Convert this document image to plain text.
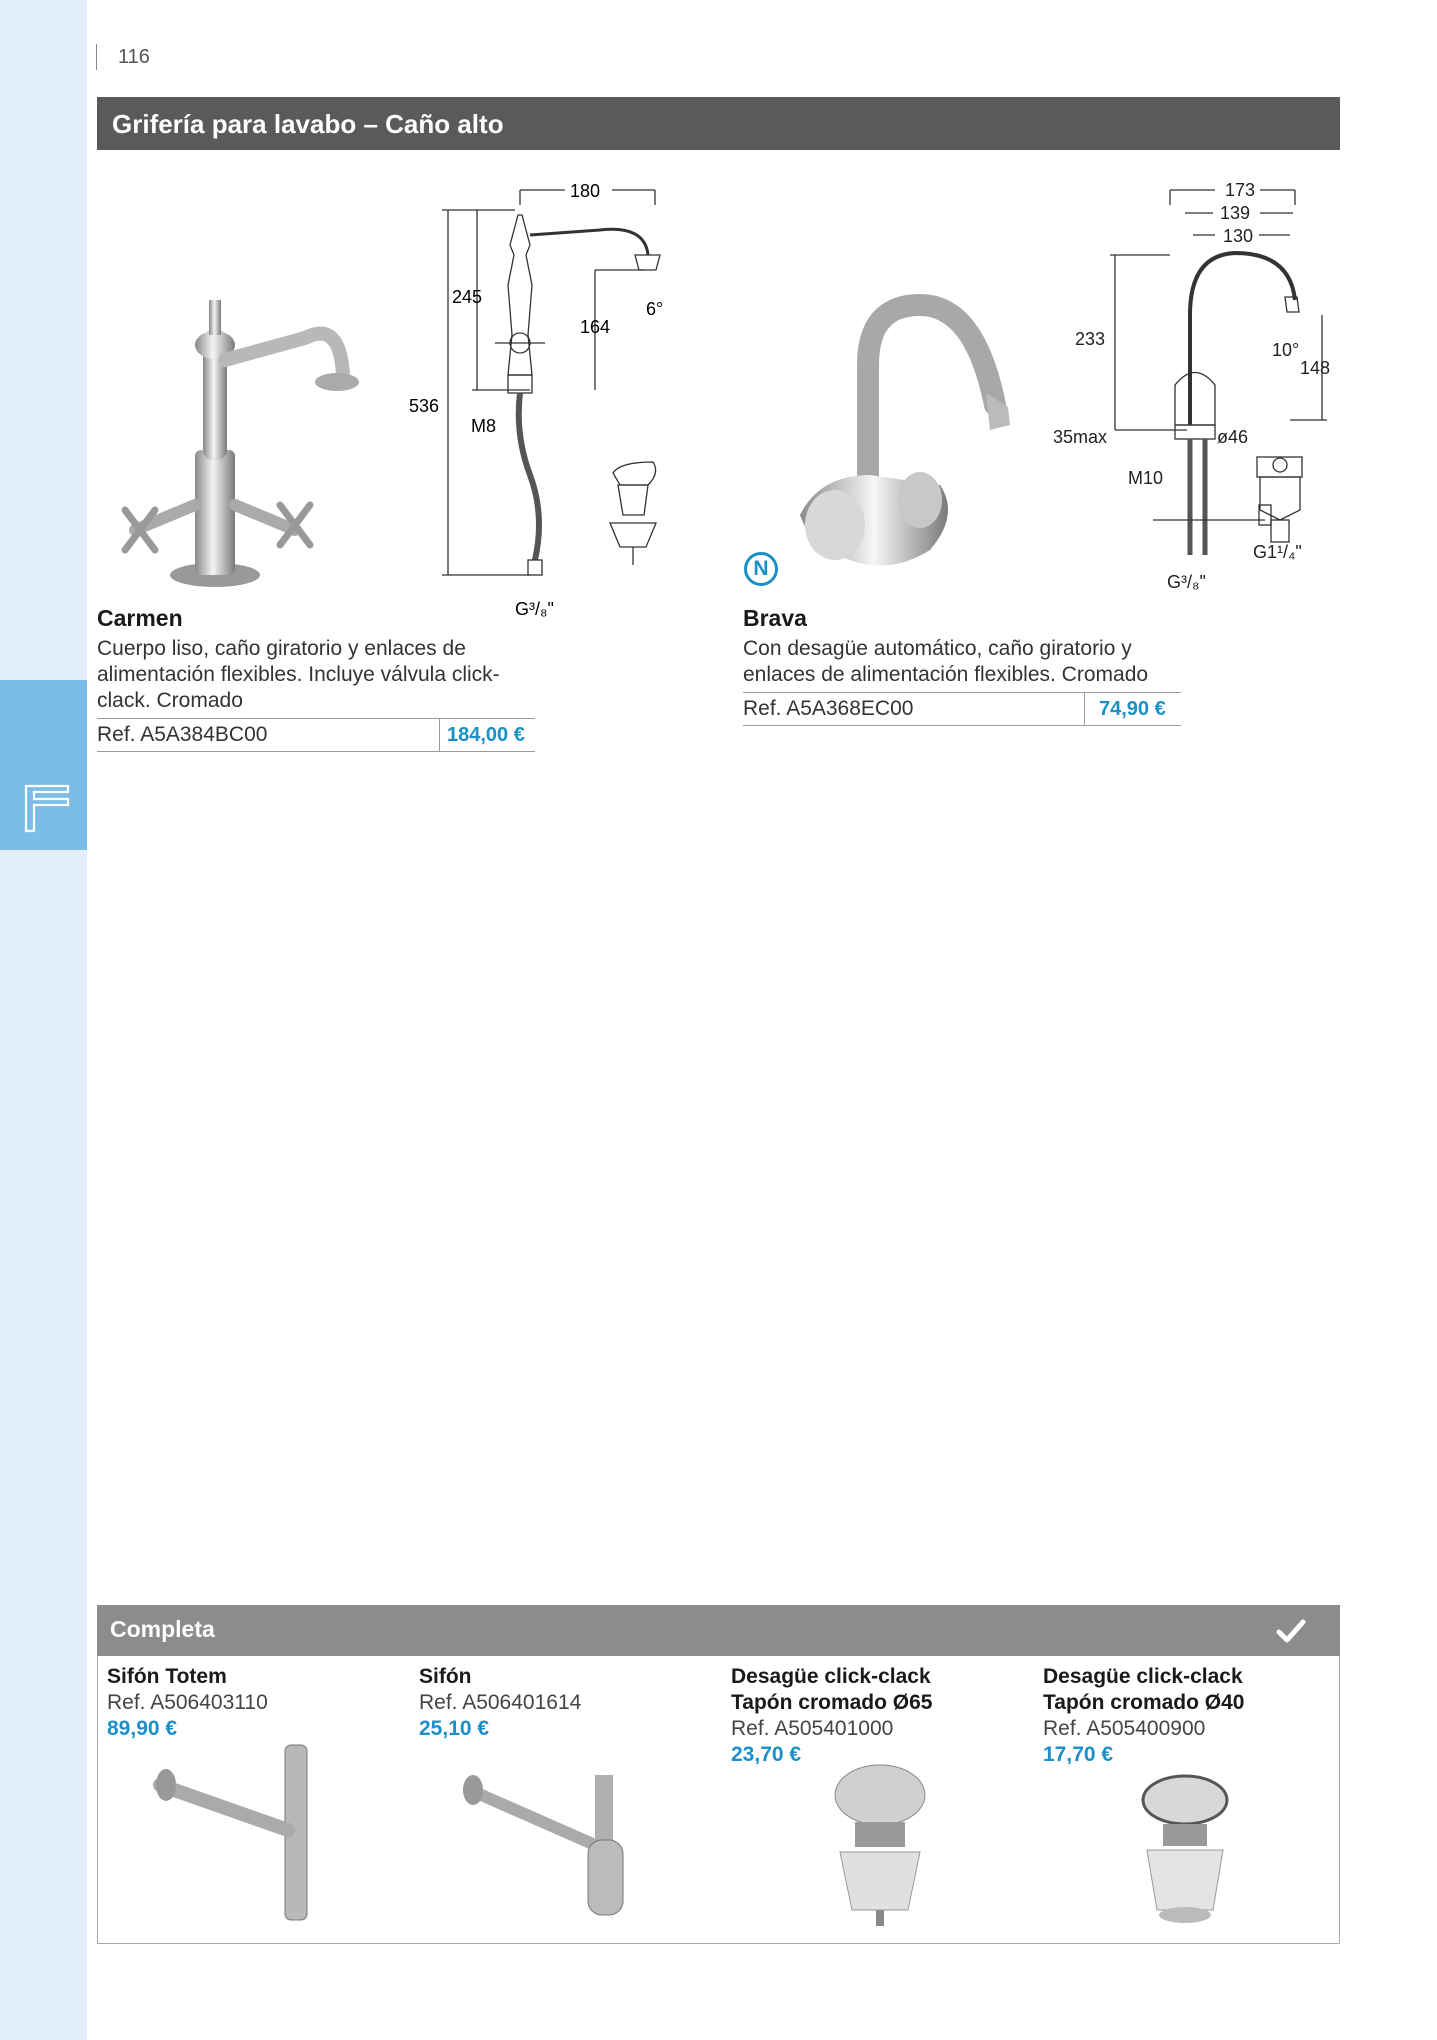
116
Grifería para lavabo – Caño alto
180
536
245
164
6°
M8
G³/₈"
Carmen
Cuerpo liso, caño giratorio y enlaces de
alimentación flexibles. Incluye válvula click-
clack. Cromado
Ref. A5A384BC00	184,00 €
N
173
139
130
233
10°
148
35max	ø46
M10
G1¹/₄"
G³/₈"
Brava
Con desagüe automático, caño giratorio y
enlaces de alimentación flexibles. Cromado
Ref. A5A368EC00	74,90 €
Completa
Sifón Totem
Ref. A506403110
89,90 €
Sifón
Ref. A506401614
25,10 €
Desagüe click-clack
Tapón cromado Ø65
Ref. A505401000
23,70 €
Desagüe click-clack
Tapón cromado Ø40
Ref. A505400900
17,70 €
